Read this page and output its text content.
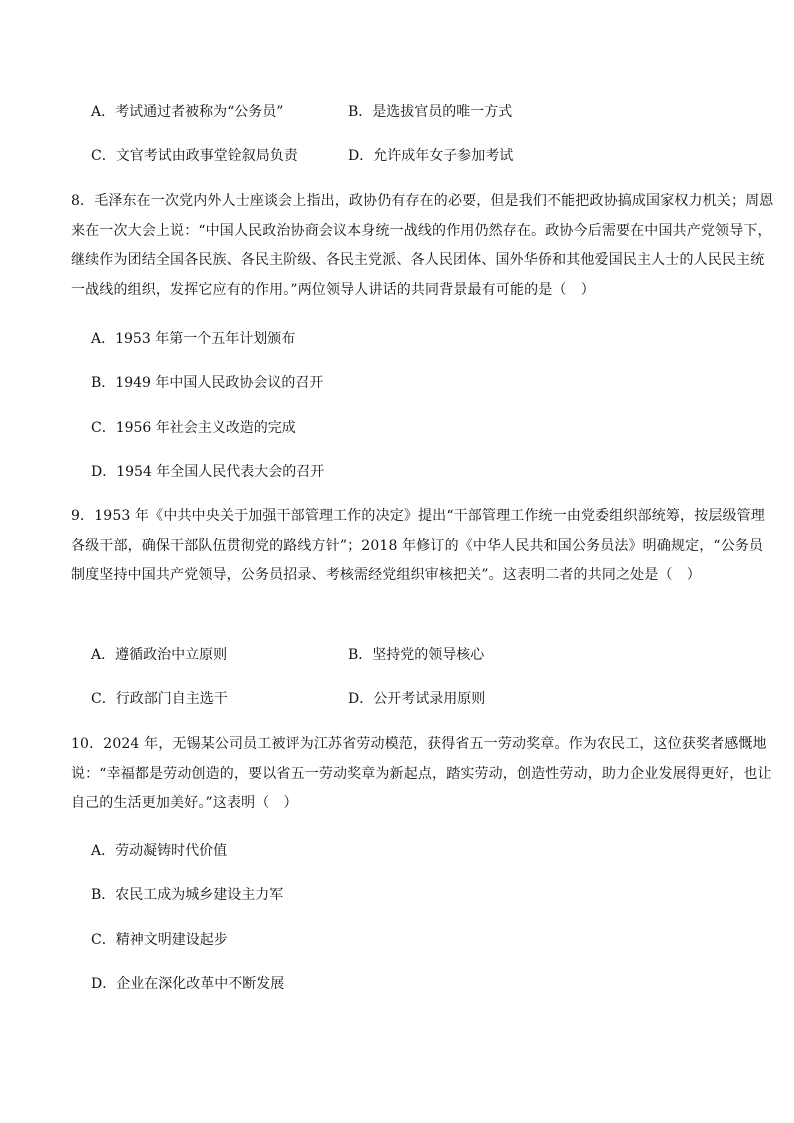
A．考试通过者被称为“公务员”	B．是选拔官员的唯一方式
C．文官考试由政事堂铨叙局负责	D．允许成年女子参加考试
8．毛泽东在一次党内外人士座谈会上指出，政协仍有存在的必要，但是我们不能把政协搞成国家权力机关；周恩来在一次大会上说：“中国人民政治协商会议本身统一战线的作用仍然存在。政协今后需要在中国共产党领导下，继续作为团结全国各民族、各民主阶级、各民主党派、各人民团体、国外华侨和其他爱国民主人士的人民民主统一战线的组织，发挥它应有的作用。”两位领导人讲话的共同背景最有可能的是（　）
A．1953 年第一个五年计划颁布
B．1949 年中国人民政协会议的召开
C．1956 年社会主义改造的完成
D．1954 年全国人民代表大会的召开
9．1953 年《中共中央关于加强干部管理工作的决定》提出“干部管理工作统一由党委组织部统筹，按层级管理各级干部，确保干部队伍贯彻党的路线方针”；2018 年修订的《中华人民共和国公务员法》明确规定，“公务员制度坚持中国共产党领导，公务员招录、考核需经党组织审核把关”。这表明二者的共同之处是（　）
A．遵循政治中立原则	B．坚持党的领导核心
C．行政部门自主选干	D．公开考试录用原则
10．2024 年，无锡某公司员工被评为江苏省劳动模范，获得省五一劳动奖章。作为农民工，这位获奖者感慨地说：“幸福都是劳动创造的，要以省五一劳动奖章为新起点，踏实劳动，创造性劳动，助力企业发展得更好，也让自己的生活更加美好。”这表明（　）
A．劳动凝铸时代价值
B．农民工成为城乡建设主力军
C．精神文明建设起步
D．企业在深化改革中不断发展
